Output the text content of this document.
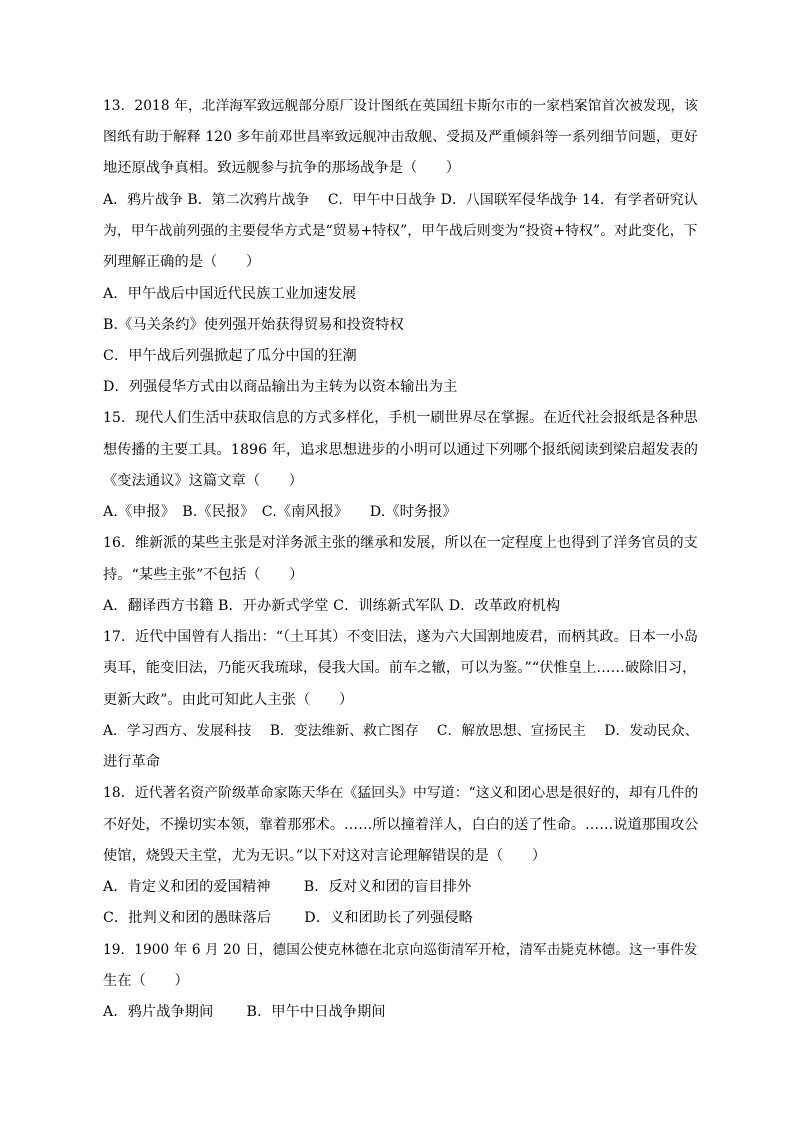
13．2018 年，北洋海军致远舰部分原厂设计图纸在英国纽卡斯尔市的一家档案馆首次被发现，该
图纸有助于解释 120 多年前邓世昌率致远舰冲击敌舰、受损及严重倾斜等一系列细节问题，更好
地还原战争真相。致远舰参与抗争的那场战争是（　　）
A．鸦片战争 B．第二次鸦片战争　 C．甲午中日战争 D．八国联军侵华战争 14．有学者研究认
为，甲午战前列强的主要侵华方式是“贸易+特权”，甲午战后则变为“投资+特权”。对此变化，下
列理解正确的是（　　）
A．甲午战后中国近代民族工业加速发展
B.《马关条约》使列强开始获得贸易和投资特权
C．甲午战后列强掀起了瓜分中国的狂潮
D．列强侵华方式由以商品输出为主转为以资本输出为主
15．现代人们生活中获取信息的方式多样化，手机一刷世界尽在掌握。在近代社会报纸是各种思
想传播的主要工具。1896 年，追求思想进步的小明可以通过下列哪个报纸阅读到梁启超发表的
《变法通议》这篇文章（　　）
A.《申报》　B.《民报》　C.《南风报》　　D.《时务报》
16．维新派的某些主张是对洋务派主张的继承和发展，所以在一定程度上也得到了洋务官员的支
持。“某些主张”不包括（　　）
A．翻译西方书籍 B．开办新式学堂 C．训练新式军队 D．改革政府机构
17．近代中国曾有人指出：“（土耳其）不变旧法，遂为六大国割地废君，而柄其政。日本一小岛
夷耳，能变旧法，乃能灭我琉球，侵我大国。前车之辙，可以为鉴。”“伏惟皇上……破除旧习，
更新大政”。由此可知此人主张（　　）
A．学习西方、发展科技　 B．变法维新、救亡图存　 C．解放思想、宣扬民主　 D．发动民众、
进行革命
18．近代著名资产阶级革命家陈天华在《猛回头》中写道：“这义和团心思是很好的，却有几件的
不好处，不操切实本领，靠着那邪术。……所以撞着洋人，白白的送了性命。……说道那围攻公
使馆，烧毁天主堂，尤为无识。”以下对这对言论理解错误的是（　　）
A．肯定义和团的爱国精神　　 B．反对义和团的盲目排外
C．批判义和团的愚昧落后　　 D．义和团助长了列强侵略
19．1900 年 6 月 20 日，德国公使克林德在北京向巡街清军开枪，清军击毙克林德。这一事件发
生在（　　）
A．鸦片战争期间　　 B．甲午中日战争期间
